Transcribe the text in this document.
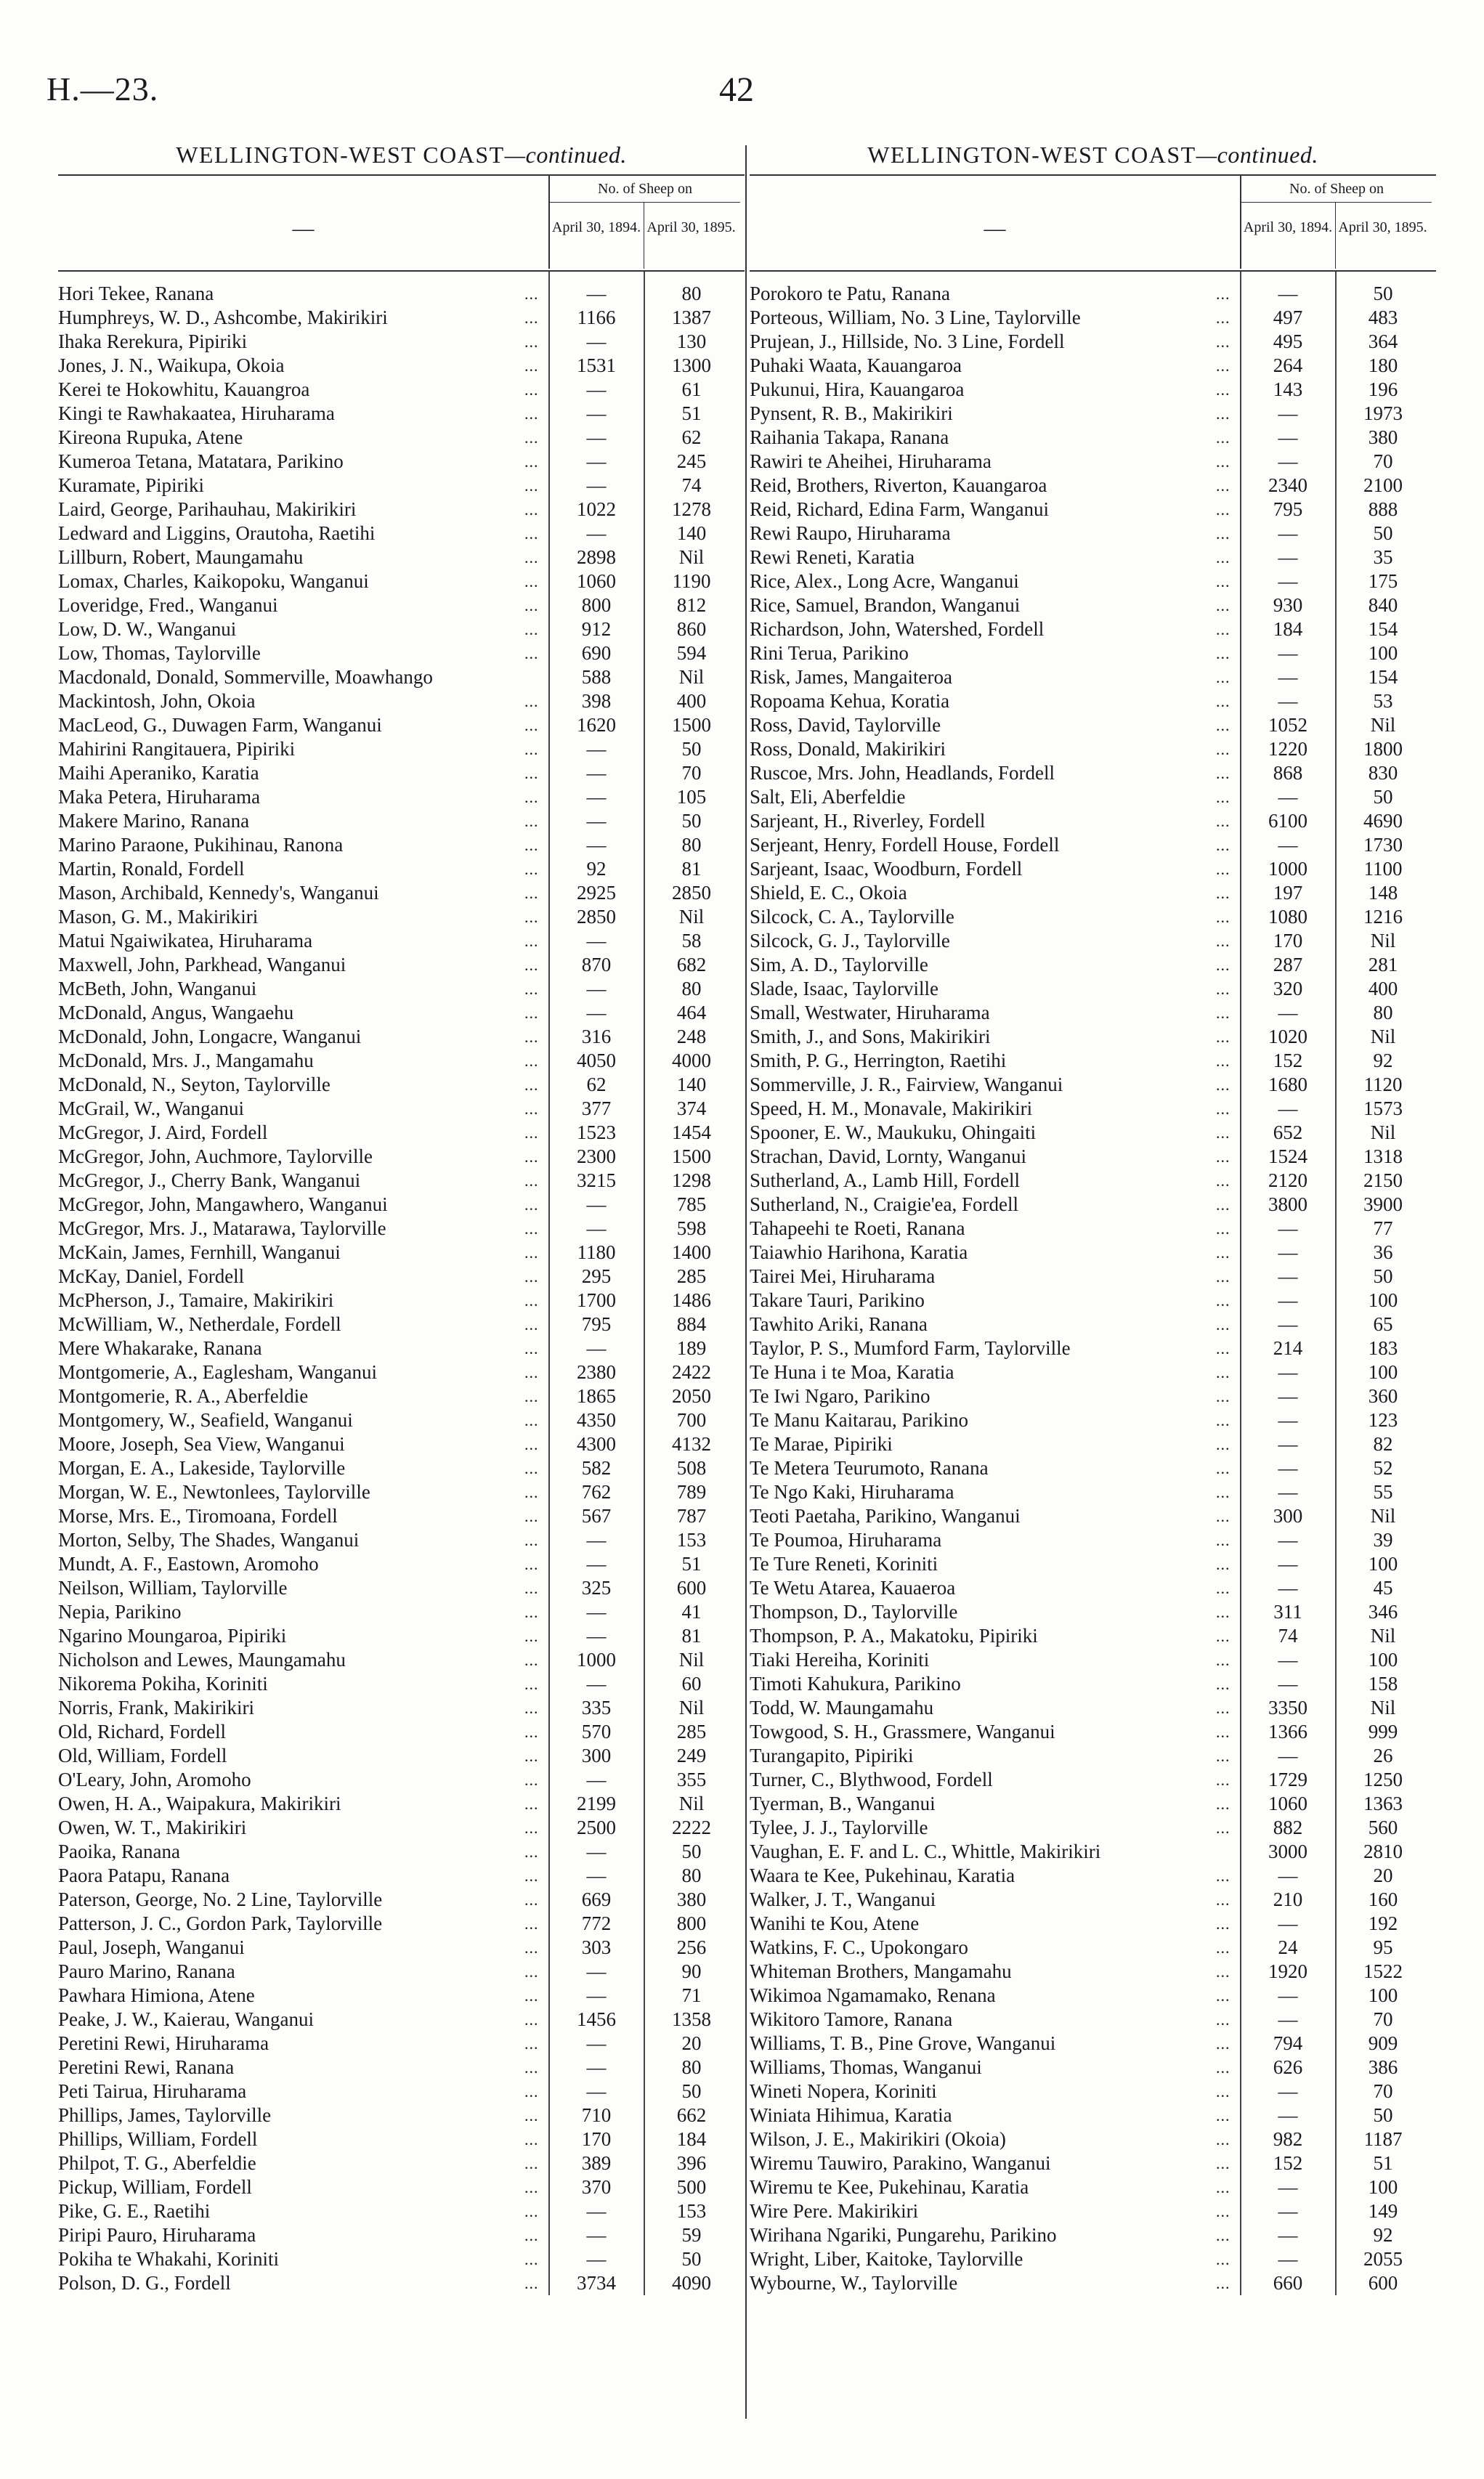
H.—23.	42
WELLINGTON-WEST COAST—continued.
—
No. of Sheep on
April 30, 1894. April 30, 1895.
Hori Tekee, Ranana	...	—	80
Humphreys, W. D., Ashcombe, Makirikiri	...	1166	1387
Ihaka Rerekura, Pipiriki	...	—	130
Jones, J. N., Waikupa, Okoia	...	1531	1300
Kerei te Hokowhitu, Kauangroa	...	—	61
Kingi te Rawhakaatea, Hiruharama	...	—	51
Kireona Rupuka, Atene	...	—	62
Kumeroa Tetana, Matatara, Parikino	...	—	245
Kuramate, Pipiriki	...	—	74
Laird, George, Parihauhau, Makirikiri	...	1022	1278
Ledward and Liggins, Orautoha, Raetihi	...	—	140
Lillburn, Robert, Maungamahu	...	2898	Nil
Lomax, Charles, Kaikopoku, Wanganui	...	1060	1190
Loveridge, Fred., Wanganui	...	800	812
Low, D. W., Wanganui	...	912	860
Low, Thomas, Taylorville	...	690	594
Macdonald, Donald, Sommerville, Moawhango	588	Nil
Mackintosh, John, Okoia	...	398	400
MacLeod, G., Duwagen Farm, Wanganui	...	1620	1500
Mahirini Rangitauera, Pipiriki	...	—	50
Maihi Aperaniko, Karatia	...	—	70
Maka Petera, Hiruharama	...	—	105
Makere Marino, Ranana	...	—	50
Marino Paraone, Pukihinau, Ranona	...	—	80
Martin, Ronald, Fordell	...	92	81
Mason, Archibald, Kennedy's, Wanganui	...	2925	2850
Mason, G. M., Makirikiri	...	2850	Nil
Matui Ngaiwikatea, Hiruharama	...	—	58
Maxwell, John, Parkhead, Wanganui	...	870	682
McBeth, John, Wanganui	...	—	80
McDonald, Angus, Wangaehu	...	—	464
McDonald, John, Longacre, Wanganui	...	316	248
McDonald, Mrs. J., Mangamahu	...	4050	4000
McDonald, N., Seyton, Taylorville	...	62	140
McGrail, W., Wanganui	...	377	374
McGregor, J. Aird, Fordell	...	1523	1454
McGregor, John, Auchmore, Taylorville	...	2300	1500
McGregor, J., Cherry Bank, Wanganui	...	3215	1298
McGregor, John, Mangawhero, Wanganui	...	—	785
McGregor, Mrs. J., Matarawa, Taylorville	...	—	598
McKain, James, Fernhill, Wanganui	...	1180	1400
McKay, Daniel, Fordell	...	295	285
McPherson, J., Tamaire, Makirikiri	...	1700	1486
McWilliam, W., Netherdale, Fordell	...	795	884
Mere Whakarake, Ranana	...	—	189
Montgomerie, A., Eaglesham, Wanganui	...	2380	2422
Montgomerie, R. A., Aberfeldie	...	1865	2050
Montgomery, W., Seafield, Wanganui	...	4350	700
Moore, Joseph, Sea View, Wanganui	...	4300	4132
Morgan, E. A., Lakeside, Taylorville	...	582	508
Morgan, W. E., Newtonlees, Taylorville	...	762	789
Morse, Mrs. E., Tiromoana, Fordell	...	567	787
Morton, Selby, The Shades, Wanganui	...	—	153
Mundt, A. F., Eastown, Aromoho	...	—	51
Neilson, William, Taylorville	...	325	600
Nepia, Parikino	...	—	41
Ngarino Moungaroa, Pipiriki	...	—	81
Nicholson and Lewes, Maungamahu	...	1000	Nil
Nikorema Pokiha, Koriniti	...	—	60
Norris, Frank, Makirikiri	...	335	Nil
Old, Richard, Fordell	...	570	285
Old, William, Fordell	...	300	249
O'Leary, John, Aromoho	...	—	355
Owen, H. A., Waipakura, Makirikiri	...	2199	Nil
Owen, W. T., Makirikiri	...	2500	2222
Paoika, Ranana	...	—	50
Paora Patapu, Ranana	...	—	80
Paterson, George, No. 2 Line, Taylorville	...	669	380
Patterson, J. C., Gordon Park, Taylorville	...	772	800
Paul, Joseph, Wanganui	...	303	256
Pauro Marino, Ranana	...	—	90
Pawhara Himiona, Atene	...	—	71
Peake, J. W., Kaierau, Wanganui	...	1456	1358
Peretini Rewi, Hiruharama	...	—	20
Peretini Rewi, Ranana	...	—	80
Peti Tairua, Hiruharama	...	—	50
Phillips, James, Taylorville	...	710	662
Phillips, William, Fordell	...	170	184
Philpot, T. G., Aberfeldie	...	389	396
Pickup, William, Fordell	...	370	500
Pike, G. E., Raetihi	...	—	153
Piripi Pauro, Hiruharama	...	—	59
Pokiha te Whakahi, Koriniti	...	—	50
Polson, D. G., Fordell	...	3734	4090
WELLINGTON-WEST COAST—continued.
—
No. of Sheep on
April 30, 1894. April 30, 1895.
Porokoro te Patu, Ranana	...	—	50
Porteous, William, No. 3 Line, Taylorville	...	497	483
Prujean, J., Hillside, No. 3 Line, Fordell	...	495	364
Puhaki Waata, Kauangaroa	...	264	180
Pukunui, Hira, Kauangaroa	...	143	196
Pynsent, R. B., Makirikiri	...	—	1973
Raihania Takapa, Ranana	...	—	380
Rawiri te Aheihei, Hiruharama	...	—	70
Reid, Brothers, Riverton, Kauangaroa	...	2340	2100
Reid, Richard, Edina Farm, Wanganui	...	795	888
Rewi Raupo, Hiruharama	...	—	50
Rewi Reneti, Karatia	...	—	35
Rice, Alex., Long Acre, Wanganui	...	—	175
Rice, Samuel, Brandon, Wanganui	...	930	840
Richardson, John, Watershed, Fordell	...	184	154
Rini Terua, Parikino	...	—	100
Risk, James, Mangaiteroa	...	—	154
Ropoama Kehua, Koratia	...	—	53
Ross, David, Taylorville	...	1052	Nil
Ross, Donald, Makirikiri	...	1220	1800
Ruscoe, Mrs. John, Headlands, Fordell	...	868	830
Salt, Eli, Aberfeldie	...	—	50
Sarjeant, H., Riverley, Fordell	...	6100	4690
Serjeant, Henry, Fordell House, Fordell	...	—	1730
Sarjeant, Isaac, Woodburn, Fordell	...	1000	1100
Shield, E. C., Okoia	...	197	148
Silcock, C. A., Taylorville	...	1080	1216
Silcock, G. J., Taylorville	...	170	Nil
Sim, A. D., Taylorville	...	287	281
Slade, Isaac, Taylorville	...	320	400
Small, Westwater, Hiruharama	...	—	80
Smith, J., and Sons, Makirikiri	...	1020	Nil
Smith, P. G., Herrington, Raetihi	...	152	92
Sommerville, J. R., Fairview, Wanganui	...	1680	1120
Speed, H. M., Monavale, Makirikiri	...	—	1573
Spooner, E. W., Maukuku, Ohingaiti	...	652	Nil
Strachan, David, Lornty, Wanganui	...	1524	1318
Sutherland, A., Lamb Hill, Fordell	...	2120	2150
Sutherland, N., Craigie'ea, Fordell	...	3800	3900
Tahapeehi te Roeti, Ranana	...	—	77
Taiawhio Harihona, Karatia	...	—	36
Tairei Mei, Hiruharama	...	—	50
Takare Tauri, Parikino	...	—	100
Tawhito Ariki, Ranana	...	—	65
Taylor, P. S., Mumford Farm, Taylorville	...	214	183
Te Huna i te Moa, Karatia	...	—	100
Te Iwi Ngaro, Parikino	...	—	360
Te Manu Kaitarau, Parikino	...	—	123
Te Marae, Pipiriki	...	—	82
Te Metera Teurumoto, Ranana	...	—	52
Te Ngo Kaki, Hiruharama	...	—	55
Teoti Paetaha, Parikino, Wanganui	...	300	Nil
Te Poumoa, Hiruharama	...	—	39
Te Ture Reneti, Koriniti	...	—	100
Te Wetu Atarea, Kauaeroa	...	—	45
Thompson, D., Taylorville	...	311	346
Thompson, P. A., Makatoku, Pipiriki	...	74	Nil
Tiaki Hereiha, Koriniti	...	—	100
Timoti Kahukura, Parikino	...	—	158
Todd, W. Maungamahu	...	3350	Nil
Towgood, S. H., Grassmere, Wanganui	...	1366	999
Turangapito, Pipiriki	...	—	26
Turner, C., Blythwood, Fordell	...	1729	1250
Tyerman, B., Wanganui	...	1060	1363
Tylee, J. J., Taylorville	...	882	560
Vaughan, E. F. and L. C., Whittle, Makirikiri	3000	2810
Waara te Kee, Pukehinau, Karatia	...	—	20
Walker, J. T., Wanganui	...	210	160
Wanihi te Kou, Atene	...	—	192
Watkins, F. C., Upokongaro	...	24	95
Whiteman Brothers, Mangamahu	...	1920	1522
Wikimoa Ngamamako, Renana	...	—	100
Wikitoro Tamore, Ranana	...	—	70
Williams, T. B., Pine Grove, Wanganui	...	794	909
Williams, Thomas, Wanganui	...	626	386
Wineti Nopera, Koriniti	...	—	70
Winiata Hihimua, Karatia	...	—	50
Wilson, J. E., Makirikiri (Okoia)	...	982	1187
Wiremu Tauwiro, Parakino, Wanganui	...	152	51
Wiremu te Kee, Pukehinau, Karatia	...	—	100
Wire Pere. Makirikiri	...	—	149
Wirihana Ngariki, Pungarehu, Parikino	...	—	92
Wright, Liber, Kaitoke, Taylorville	...	—	2055
Wybourne, W., Taylorville	...	660	600
